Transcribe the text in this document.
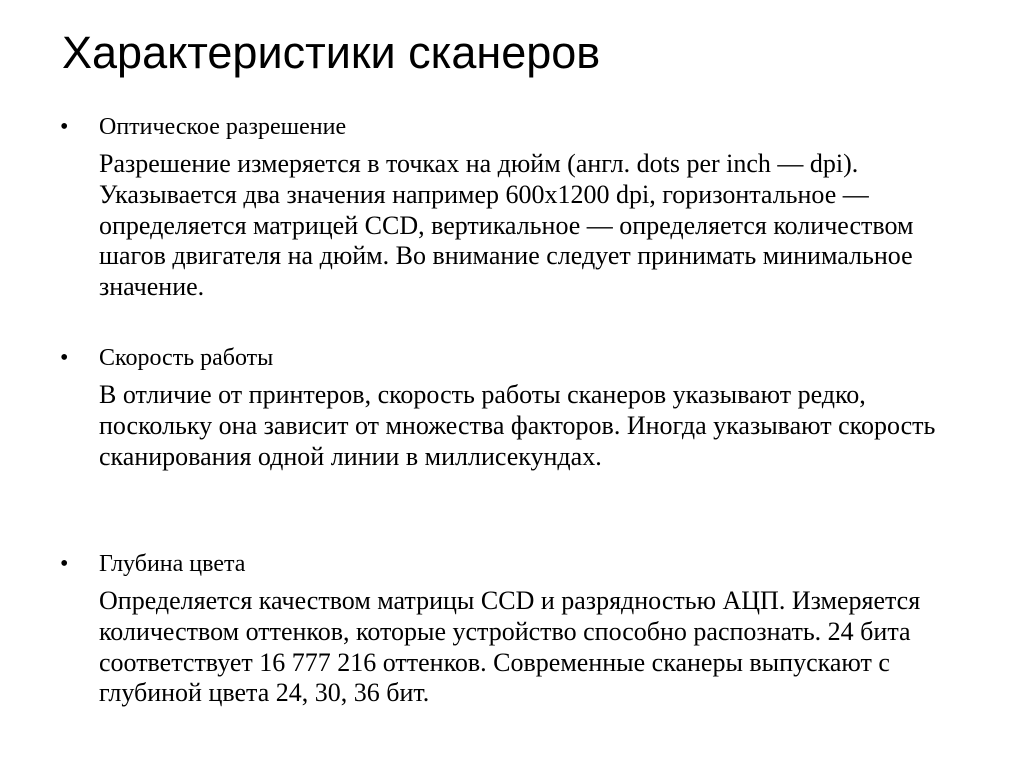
Характеристики сканеров
• Оптическое разрешение

Разрешение измеряется в точках на дюйм (англ. dots per inch — dpi). Указывается два значения например 600x1200 dpi, горизонтальное — определяется матрицей CCD, вертикальное — определяется количеством шагов двигателя на дюйм. Во внимание следует принимать минимальное значение.

• Скорость работы

В отличие от принтеров, скорость работы сканеров указывают редко, поскольку она зависит от множества факторов. Иногда указывают скорость сканирования одной линии в миллисекундах.

• Глубина цвета

Определяется качеством матрицы CCD и разрядностью АЦП. Измеряется количеством оттенков, которые устройство способно распознать. 24 бита соответствует 16 777 216 оттенков. Современные сканеры выпускают с глубиной цвета 24, 30, 36 бит.
